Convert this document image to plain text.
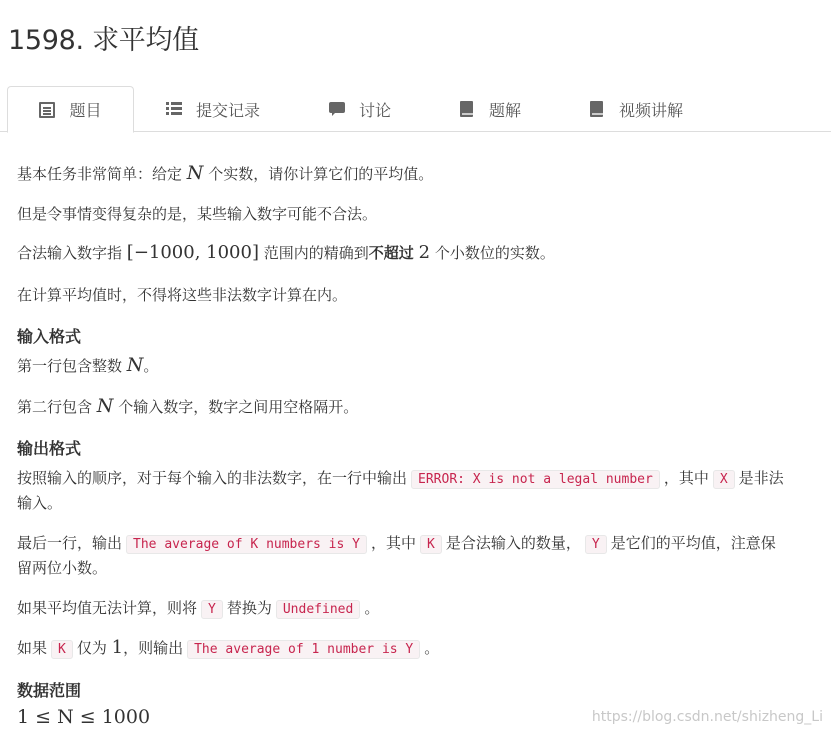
1598. 求平均值
题目	提交记录	讨论	题解	视频讲解
基本任务非常简单：给定 N 个实数，请你计算它们的平均值。
但是令事情变得复杂的是，某些输入数字可能不合法。
合法输入数字指 [−1000, 1000] 范围内的精确到不超过 2 个小数位的实数。
在计算平均值时，不得将这些非法数字计算在内。
输入格式
第一行包含整数 N。
第二行包含 N 个输入数字，数字之间用空格隔开。
输出格式
按照输入的顺序，对于每个输入的非法数字，在一行中输出 ERROR: X is not a legal number ，其中 X 是非法
输入。
最后一行，输出 The average of K numbers is Y ，其中 K 是合法输入的数量， Y 是它们的平均值，注意保
留两位小数。
如果平均值无法计算，则将 Y 替换为 Undefined 。
如果 K 仅为 1，则输出 The average of 1 number is Y 。
数据范围
1 ≤ N ≤ 1000	https://blog.csdn.net/shizheng_Li
